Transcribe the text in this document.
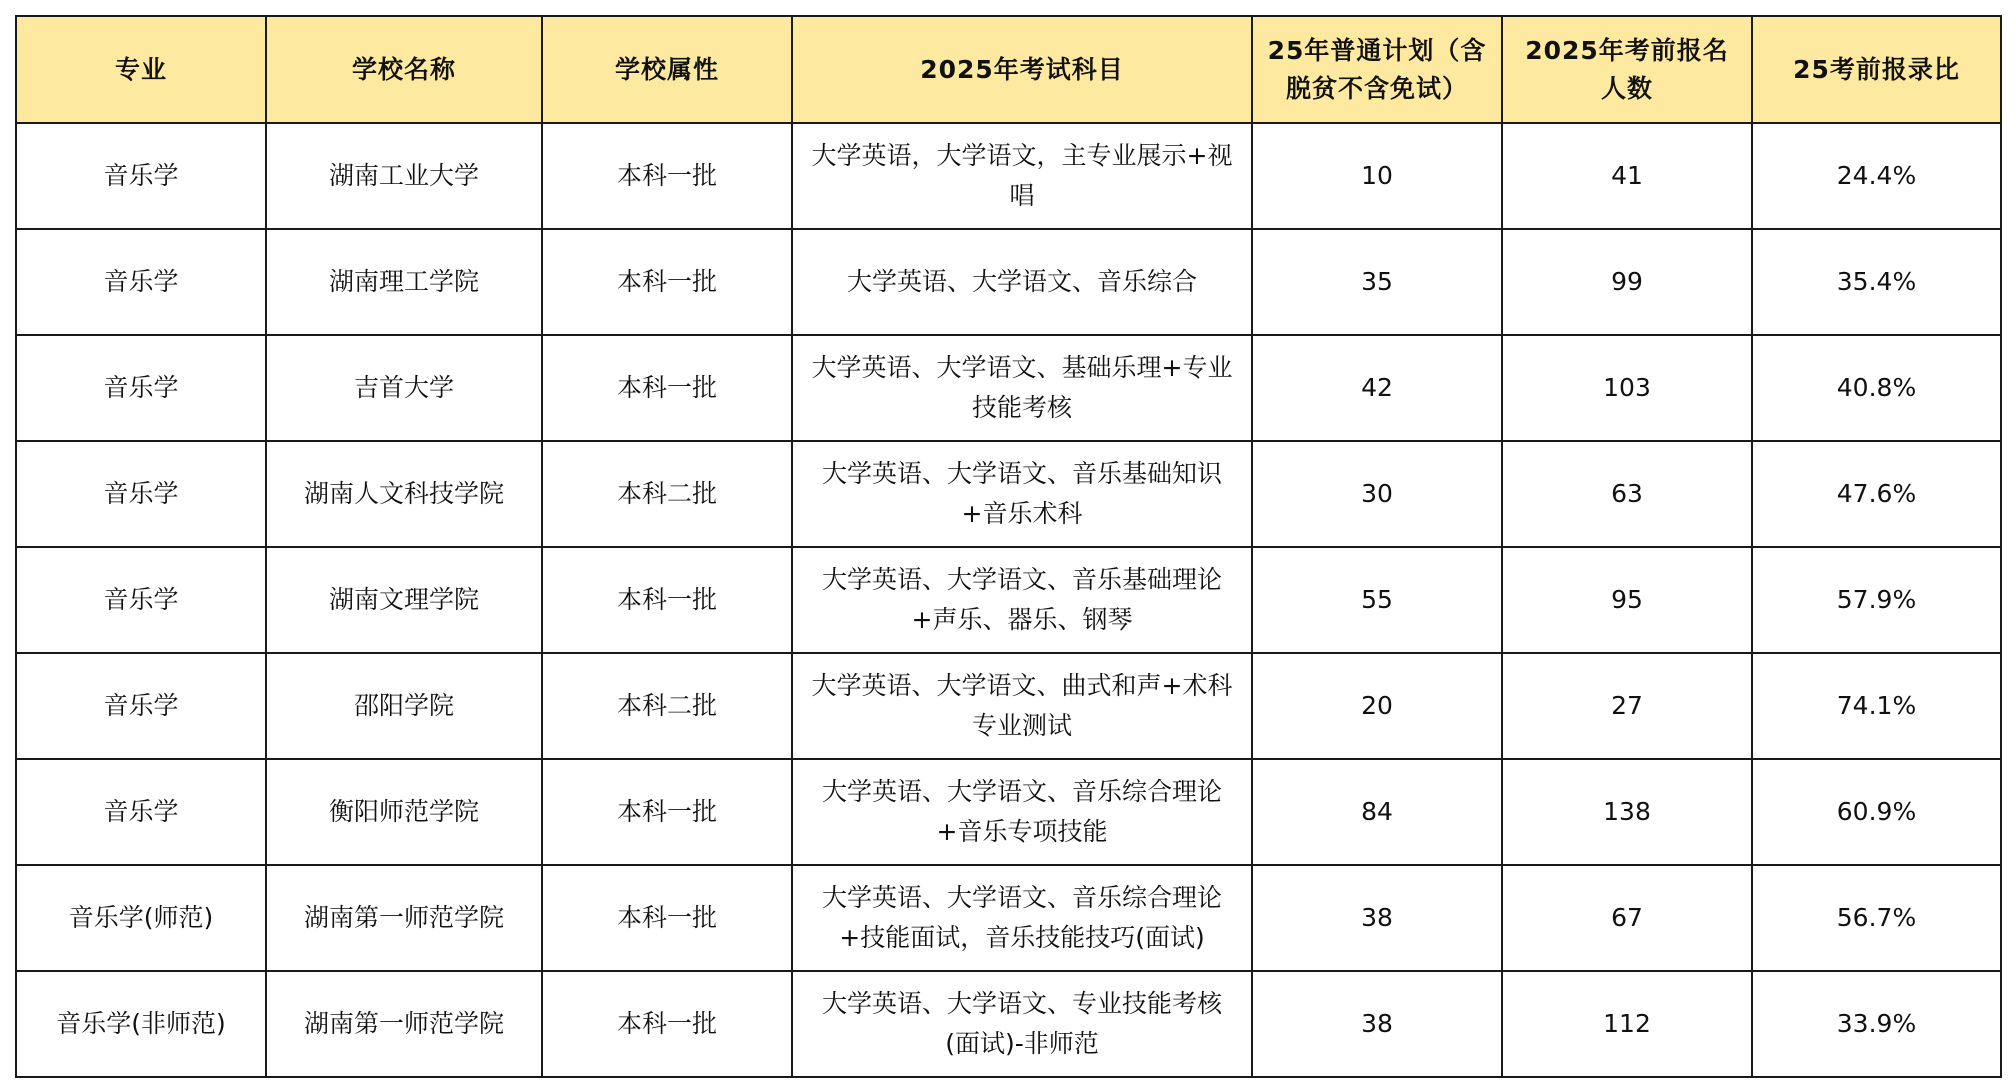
专业	学校名称	学校属性	2025年考试科目	25年普通计划（含脱贫不含免试）	2025年考前报名人数	25考前报录比
音乐学	湖南工业大学	本科一批	大学英语，大学语文，主专业展示+视唱	10	41	24.4%
音乐学	湖南理工学院	本科一批	大学英语、大学语文、音乐综合	35	99	35.4%
音乐学	吉首大学	本科一批	大学英语、大学语文、基础乐理+专业技能考核	42	103	40.8%
音乐学	湖南人文科技学院	本科二批	大学英语、大学语文、音乐基础知识+音乐术科	30	63	47.6%
音乐学	湖南文理学院	本科一批	大学英语、大学语文、音乐基础理论+声乐、器乐、钢琴	55	95	57.9%
音乐学	邵阳学院	本科二批	大学英语、大学语文、曲式和声+术科专业测试	20	27	74.1%
音乐学	衡阳师范学院	本科一批	大学英语、大学语文、音乐综合理论+音乐专项技能	84	138	60.9%
音乐学(师范)	湖南第一师范学院	本科一批	大学英语、大学语文、音乐综合理论+技能面试，音乐技能技巧(面试)	38	67	56.7%
音乐学(非师范)	湖南第一师范学院	本科一批	大学英语、大学语文、专业技能考核(面试)-非师范	38	112	33.9%
